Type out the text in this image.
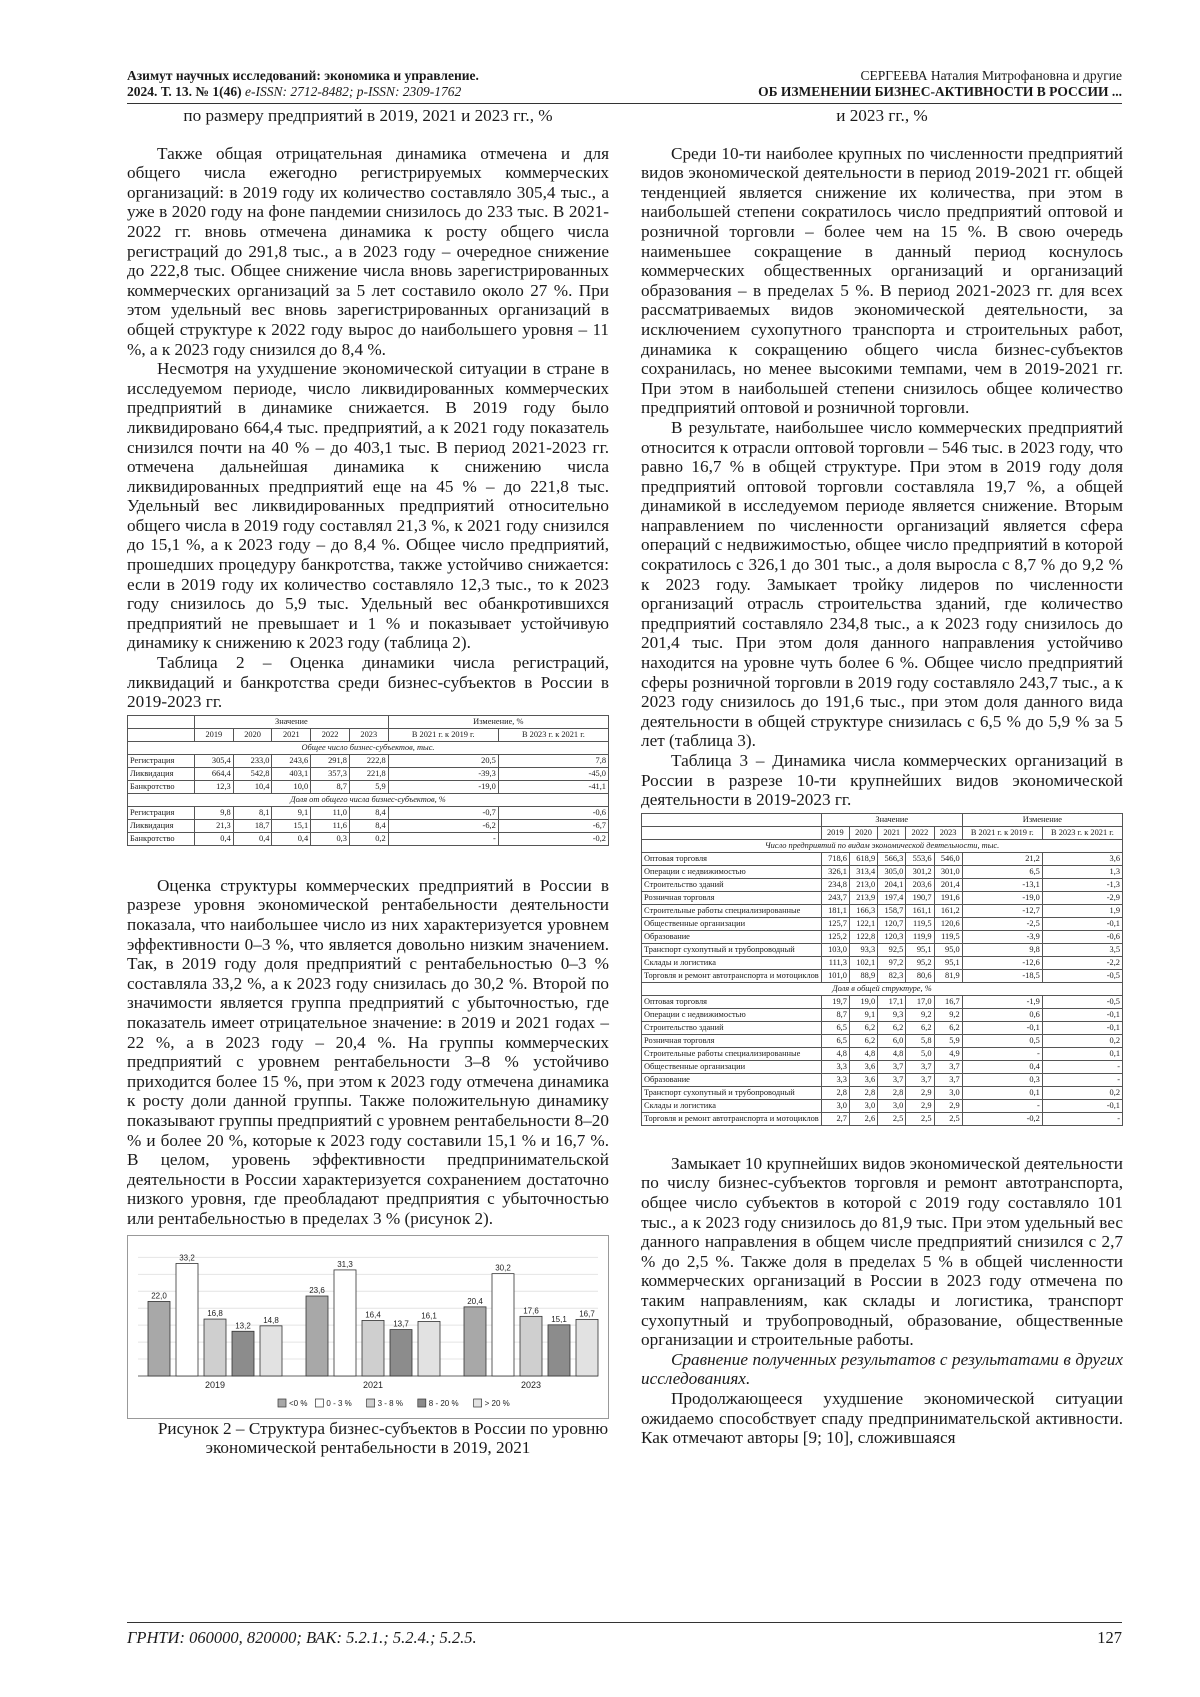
Азимут научных исследований: экономика и управление.
2024. Т. 13. № 1(46) e-ISSN: 2712-8482; p-ISSN: 2309-1762
СЕРГЕЕВА Наталия Митрофановна и другие
ОБ ИЗМЕНЕНИИ БИЗНЕС-АКТИВНОСТИ В РОССИИ ...

по размеру предприятий в 2019, 2021 и 2023 гг., %

Также общая отрицательная динамика отмечена и для общего числа ежегодно регистрируемых коммерческих организаций: в 2019 году их количество составляло 305,4 тыс., а уже в 2020 году на фоне пандемии снизилось до 233 тыс. В 2021-2022 гг. вновь отмечена динамика к росту общего числа регистраций до 291,8 тыс., а в 2023 году – очередное снижение до 222,8 тыс. Общее снижение числа вновь зарегистрированных коммерческих организаций за 5 лет составило около 27 %. При этом удельный вес вновь зарегистрированных организаций в общей структуре к 2022 году вырос до наибольшего уровня – 11 %, а к 2023 году снизился до 8,4 %.

Несмотря на ухудшение экономической ситуации в стране в исследуемом периоде, число ликвидированных коммерческих предприятий в динамике снижается. В 2019 году было ликвидировано 664,4 тыс. предприятий, а к 2021 году показатель снизился почти на 40 % – до 403,1 тыс. В период 2021-2023 гг. отмечена дальнейшая динамика к снижению числа ликвидированных предприятий еще на 45 % – до 221,8 тыс. Удельный вес ликвидированных предприятий относительно общего числа в 2019 году составлял 21,3 %, к 2021 году снизился до 15,1 %, а к 2023 году – до 8,4 %. Общее число предприятий, прошедших процедуру банкротства, также устойчиво снижается: если в 2019 году их количество составляло 12,3 тыс., то к 2023 году снизилось до 5,9 тыс. Удельный вес обанкротившихся предприятий не превышает и 1 % и показывает устойчивую динамику к снижению к 2023 году (таблица 2).

Таблица 2 – Оценка динамики числа регистраций, ликвидаций и банкротства среди бизнес-субъектов в России в 2019-2023 гг.

	Значение					Изменение, %	
	2019	2020	2021	2022	2023	В 2021 г. к 2019 г.	В 2023 г. к 2021 г.
Общее число бизнес-субъектов, тыс.							
Регистрация	305,4	233,0	243,6	291,8	222,8	20,5	7,8
Ликвидация	664,4	542,8	403,1	357,3	221,8	-39,3	-45,0
Банкротство	12,3	10,4	10,0	8,7	5,9	-19,0	-41,1
Доля от общего числа бизнес-субъектов, %							
Регистрация	9,8	8,1	9,1	11,0	8,4	-0,7	-0,6
Ликвидация	21,3	18,7	15,1	11,6	8,4	-6,2	-6,7
Банкротство	0,4	0,4	0,4	0,3	0,2	-	-0,2

Оценка структуры коммерческих предприятий в России в разрезе уровня экономической рентабельности деятельности показала, что наибольшее число из них характеризуется уровнем эффективности 0–3 %, что является довольно низким значением. Так, в 2019 году доля предприятий с рентабельностью 0–3 % составляла 33,2 %, а к 2023 году снизилась до 30,2 %. Второй по значимости является группа предприятий с убыточностью, где показатель имеет отрицательное значение: в 2019 и 2021 годах – 22 %, а в 2023 году – 20,4 %. На группы коммерческих предприятий с уровнем рентабельности 3–8 % устойчиво приходится более 15 %, при этом к 2023 году отмечена динамика к росту доли данной группы. Также положительную динамику показывают группы предприятий с уровнем рентабельности 8–20 % и более 20 %, которые к 2023 году составили 15,1 % и 16,7 %. В целом, уровень эффективности предпринимательской деятельности в России характеризуется сохранением достаточно низкого уровня, где преобладают предприятия с убыточностью или рентабельностью в пределах 3 % (рисунок 2).

22,0
33,2
16,8
13,2
14,8
2019
23,6
31,3
16,4
13,7
16,1
2021
20,4
30,2
17,6
15,1
16,7
2023
<0 % 0 - 3 %	3 - 8 %	8 - 20 %	> 20 %

Рисунок 2 – Структура бизнес-субъектов в России по уровню экономической рентабельности в 2019, 2021

и 2023 гг., %

Среди 10-ти наиболее крупных по численности предприятий видов экономической деятельности в период 2019-2021 гг. общей тенденцией является снижение их количества, при этом в наибольшей степени сократилось число предприятий оптовой и розничной торговли – более чем на 15 %. В свою очередь наименьшее сокращение в данный период коснулось коммерческих общественных организаций и организаций образования – в пределах 5 %. В период 2021-2023 гг. для всех рассматриваемых видов экономической деятельности, за исключением сухопутного транспорта и строительных работ, динамика к сокращению общего числа бизнес-субъектов сохранилась, но менее высокими темпами, чем в 2019-2021 гг. При этом в наибольшей степени снизилось общее количество предприятий оптовой и розничной торговли.

В результате, наибольшее число коммерческих предприятий относится к отрасли оптовой торговли – 546 тыс. в 2023 году, что равно 16,7 % в общей структуре. При этом в 2019 году доля предприятий оптовой торговли составляла 19,7 %, а общей динамикой в исследуемом периоде является снижение. Вторым направлением по численности организаций является сфера операций с недвижимостью, общее число предприятий в которой сократилось с 326,1 до 301 тыс., а доля выросла с 8,7 % до 9,2 % к 2023 году. Замыкает тройку лидеров по численности организаций отрасль строительства зданий, где количество предприятий составляло 234,8 тыс., а к 2023 году снизилось до 201,4 тыс. При этом доля данного направления устойчиво находится на уровне чуть более 6 %. Общее число предприятий сферы розничной торговли в 2019 году составляло 243,7 тыс., а к 2023 году снизилось до 191,6 тыс., при этом доля данного вида деятельности в общей структуре снизилась с 6,5 % до 5,9 % за 5 лет (таблица 3).

Таблица 3 – Динамика числа коммерческих организаций в России в разрезе 10-ти крупнейших видов экономической деятельности в 2019-2023 гг.

	Значение					Изменение	
	2019	2020	2021	2022	2023	В 2021 г. к 2019 г.	В 2023 г. к 2021 г.
Число предприятий по видам экономической деятельности, тыс.							
Оптовая торговля	718,6	618,9	566,3	553,6	546,0	21,2	3,6
Операции с недвижимостью	326,1	313,4	305,0	301,2	301,0	6,5	1,3
Строительство зданий	234,8	213,0	204,1	203,6	201,4	-13,1	-1,3
Розничная торговля	243,7	213,9	197,4	190,7	191,6	-19,0	-2,9
Строительные работы специализированные	181,1	166,3	158,7	161,1	161,2	-12,7	1,9
Общественные организации	125,7	122,1	120,7	119,5	120,6	-2,5	-0,1
Образование	125,2	122,8	120,3	119,9	119,5	-3,9	-0,6
Транспорт сухопутный и трубопроводный	103,0	93,3	92,5	95,1	95,0	9,8	3,5
Склады и логистика	111,3	102,1	97,2	95,2	95,1	-12,6	-2,2
Торговля и ремонт автотранспорта и мотоциклов	101,0	88,9	82,3	80,6	81,9	-18,5	-0,5
Доля в общей структуре, %							
Оптовая торговля	19,7	19,0	17,1	17,0	16,7	-1,9	-0,5
Операции с недвижимостью	8,7	9,1	9,3	9,2	9,2	0,6	-0,1
Строительство зданий	6,5	6,2	6,2	6,2	6,2	-0,1	-0,1
Розничная торговля	6,5	6,2	6,0	5,8	5,9	0,5	0,2
Строительные работы специализированные	4,8	4,8	4,8	5,0	4,9	-	0,1
Общественные организации	3,3	3,6	3,7	3,7	3,7	0,4	-
Образование	3,3	3,6	3,7	3,7	3,7	0,3	-
Транспорт сухопутный и трубопроводный	2,8	2,8	2,8	2,9	3,0	0,1	0,2
Склады и логистика	3,0	3,0	3,0	2,9	2,9	-	-0,1
Торговля и ремонт автотранспорта и мотоциклов	2,7	2,6	2,5	2,5	2,5	-0,2	-

Замыкает 10 крупнейших видов экономической деятельности по числу бизнес-субъектов торговля и ремонт автотранспорта, общее число субъектов в которой с 2019 году составляло 101 тыс., а к 2023 году снизилось до 81,9 тыс. При этом удельный вес данного направления в общем числе предприятий снизился с 2,7 % до 2,5 %. Также доля в пределах 5 % в общей численности коммерческих организаций в России в 2023 году отмечена по таким направлениям, как склады и логистика, транспорт сухопутный и трубопроводный, образование, общественные организации и строительные работы.

Сравнение полученных результатов с результатами в других исследованиях.

Продолжающееся ухудшение экономической ситуации ожидаемо способствует спаду предпринимательской активности. Как отмечают авторы [9; 10], сложившаяся

ГРНТИ: 060000, 820000; ВАК: 5.2.1.; 5.2.4.; 5.2.5.	127
